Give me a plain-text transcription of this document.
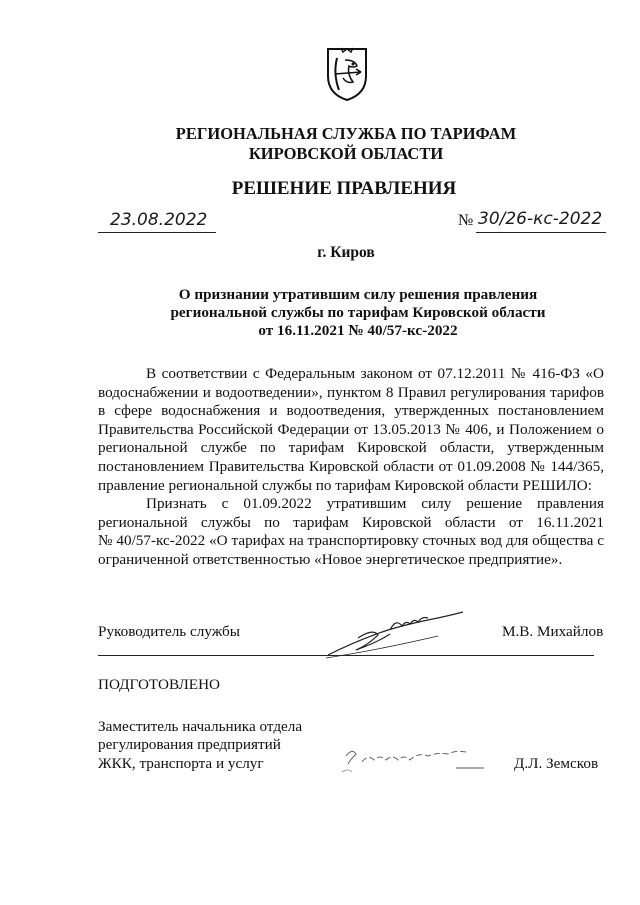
РЕГИОНАЛЬНАЯ СЛУЖБА ПО ТАРИФАМ
КИРОВСКОЙ ОБЛАСТИ
РЕШЕНИЕ ПРАВЛЕНИЯ
23.08.2022	№ 30/26-кс-2022
г. Киров
О признании утратившим силу решения правления
региональной службы по тарифам Кировской области
от 16.11.2021 № 40/57-кс-2022
В соответствии с Федеральным законом от 07.12.2011 № 416-ФЗ «О
водоснабжении и водоотведении», пунктом 8 Правил регулирования тарифов
в сфере водоснабжения и водоотведения, утвержденных постановлением
Правительства Российской Федерации от 13.05.2013 № 406, и Положением о
региональной службе по тарифам Кировской области, утвержденным
постановлением Правительства Кировской области от 01.09.2008 № 144/365,
правление региональной службы по тарифам Кировской области РЕШИЛО:
Признать с 01.09.2022 утратившим силу решение правления
региональной службы по тарифам Кировской области от 16.11.2021
№ 40/57-кс-2022 «О тарифах на транспортировку сточных вод для общества с
ограниченной ответственностью «Новое энергетическое предприятие».
Руководитель службы	М.В. Михайлов
ПОДГОТОВЛЕНО
Заместитель начальника отдела
регулирования предприятий
ЖКК, транспорта и услуг	Д.Л. Земсков
